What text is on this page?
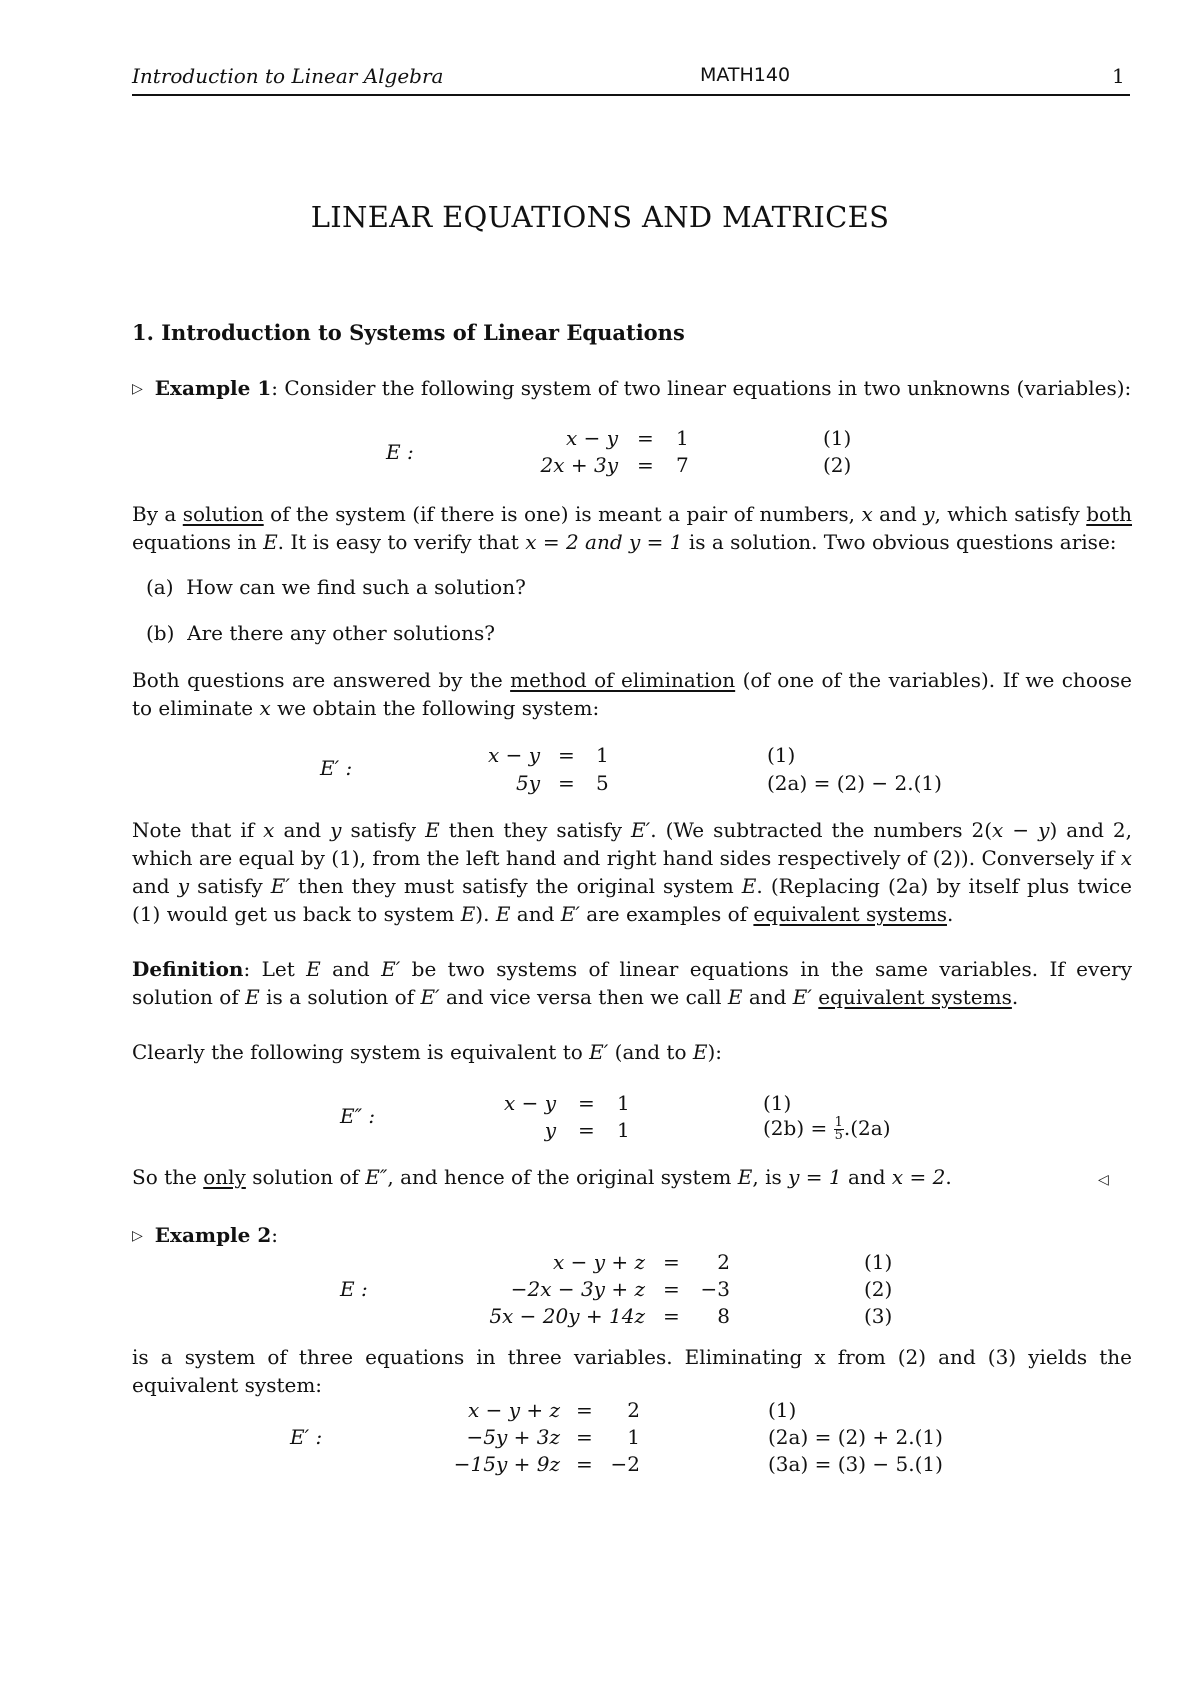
Introduction to Linear Algebra	MATH140	1
LINEAR EQUATIONS AND MATRICES
1. Introduction to Systems of Linear Equations
▷ Example 1: Consider the following system of two linear equations in two unknowns (variables):
E :
x − y = 1	(1)
2x + 3y = 7	(2)
By a solution of the system (if there is one) is meant a pair of numbers, x and y, which satisfy both equations in E. It is easy to verify that x = 2 and y = 1 is a solution. Two obvious questions arise:
(a) How can we find such a solution?
(b) Are there any other solutions?
Both questions are answered by the method of elimination (of one of the variables). If we choose to eliminate x we obtain the following system:
E′ :
x − y = 1	(1)
5y = 5	(2a) = (2) − 2.(1)
Note that if x and y satisfy E then they satisfy E′. (We subtracted the numbers 2(x − y) and 2, which are equal by (1), from the left hand and right hand sides respectively of (2)). Conversely if x and y satisfy E′ then they must satisfy the original system E. (Replacing (2a) by itself plus twice (1) would get us back to system E). E and E′ are examples of equivalent systems.
Definition: Let E and E′ be two systems of linear equations in the same variables. If every solution of E is a solution of E′ and vice versa then we call E and E′ equivalent systems.
Clearly the following system is equivalent to E′ (and to E):
E″ :
x − y = 1	(1)
y = 1	$(2b) = \frac{1}{5} .(2a)$
So the only solution of E″, and hence of the original system E, is y = 1 and x = 2.	◁
▷ Example 2:
E :
x − y + z =	2	(1)
−2x − 3y + z =	−3	(2)
5x − 20y + 14z =	8	(3)
is a system of three equations in three variables. Eliminating x from (2) and (3) yields the equivalent system:
E′ :
x − y + z =	2	(1)
−5y + 3z =	1	(2a) = (2) + 2.(1)
−15y + 9z = −2	(3a) = (3) − 5.(1)
